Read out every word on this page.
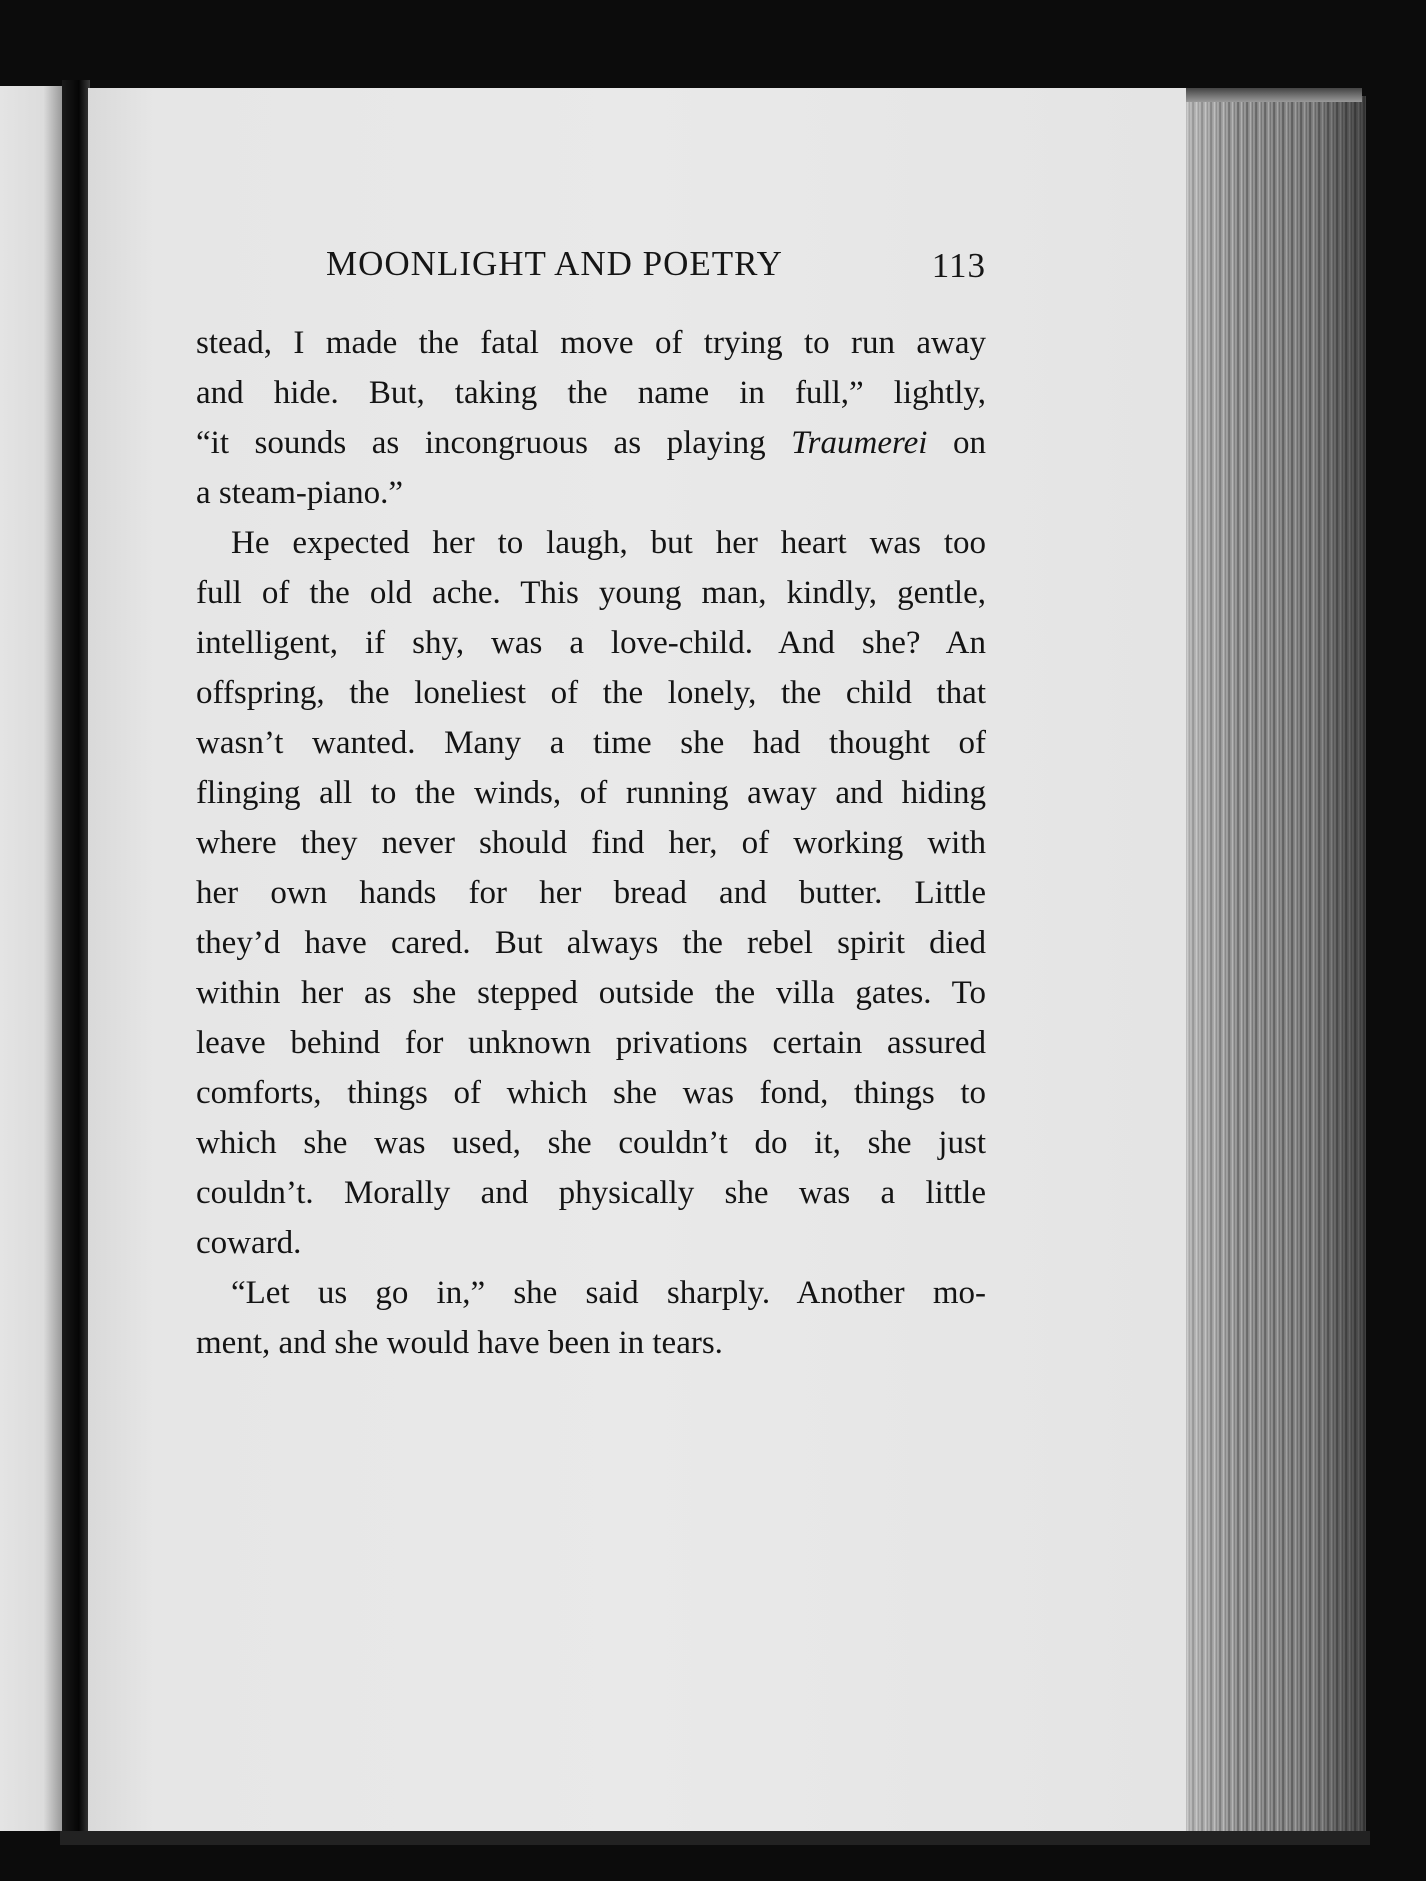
MOONLIGHT AND POETRY	113
stead, I made the fatal move of trying to run away
and hide. But, taking the name in full,” lightly,
“it sounds as incongruous as playing Traumerei on
a steam-piano.”
He expected her to laugh, but her heart was too
full of the old ache. This young man, kindly, gentle,
intelligent, if shy, was a love-child. And she? An
offspring, the loneliest of the lonely, the child that
wasn’t wanted. Many a time she had thought of
flinging all to the winds, of running away and hiding
where they never should find her, of working with
her own hands for her bread and butter. Little
they’d have cared. But always the rebel spirit died
within her as she stepped outside the villa gates. To
leave behind for unknown privations certain assured
comforts, things of which she was fond, things to
which she was used, she couldn’t do it, she just
couldn’t. Morally and physically she was a little
coward.
“Let us go in,” she said sharply. Another mo-
ment, and she would have been in tears.
